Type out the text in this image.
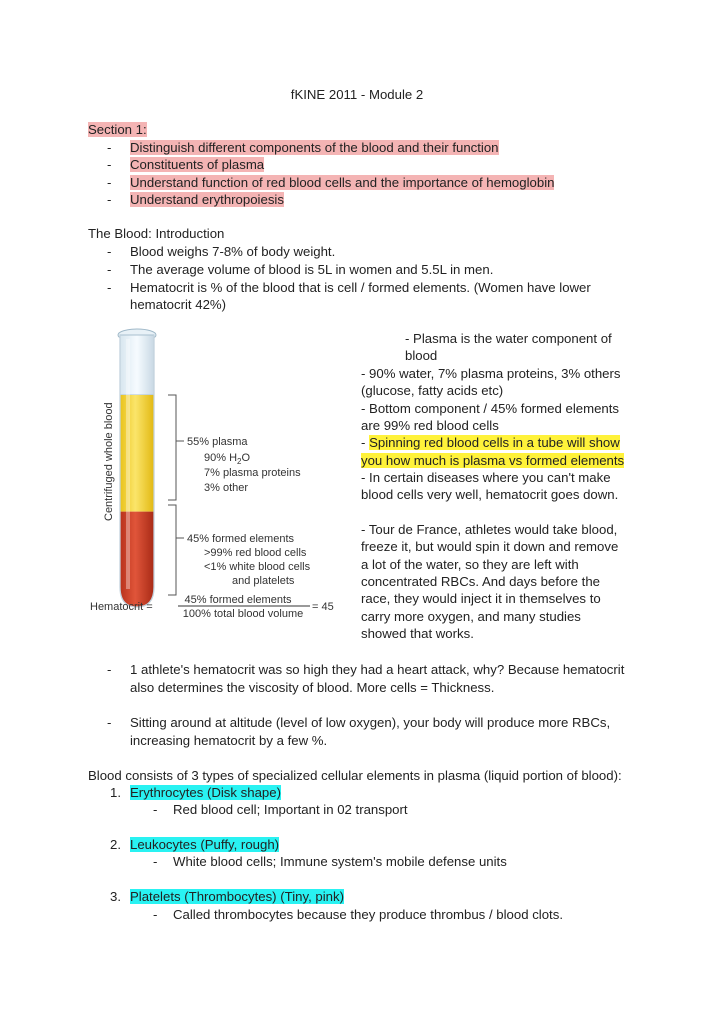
fKINE 2011 - Module 2
Section 1:
-	Distinguish different components of the blood and their function
-	Constituents of plasma
-	Understand function of red blood cells and the importance of hemoglobin
-	Understand erythropoiesis
The Blood: Introduction
-	Blood weighs 7-8% of body weight.
-	The average volume of blood is 5L in women and 5.5L in men.
-	Hematocrit is % of the blood that is cell / formed elements. (Women have lower
hematocrit 42%)
Centrifuged whole blood	55% plasma
90% $H_2O$
7% plasma proteins
3% other
45% formed elements
>99% red blood cells
<1% white blood cells
and platelets
Hematocrit =
45% formed elements
100% total blood volume
= 45
- Plasma is the water component of
blood
- 90% water, 7% plasma proteins, 3% others
(glucose, fatty acids etc)
- Bottom component / 45% formed elements
are 99% red blood cells
- Spinning red blood cells in a tube will show
you how much is plasma vs formed elements
- In certain diseases where you can't make
blood cells very well, hematocrit goes down.
- Tour de France, athletes would take blood,
freeze it, but would spin it down and remove
a lot of the water, so they are left with
concentrated RBCs. And days before the
race, they would inject it in themselves to
carry more oxygen, and many studies
showed that works.
-	1 athlete's hematocrit was so high they had a heart attack, why? Because hematocrit
also determines the viscosity of blood. More cells = Thickness.
-	Sitting around at altitude (level of low oxygen), your body will produce more RBCs,
increasing hematocrit by a few %.
Blood consists of 3 types of specialized cellular elements in plasma (liquid portion of blood):
1. Erythrocytes (Disk shape)
-	Red blood cell; Important in 02 transport
2. Leukocytes (Puffy, rough)
-	White blood cells; Immune system's mobile defense units
3. Platelets (Thrombocytes) (Tiny, pink)
-	Called thrombocytes because they produce thrombus / blood clots.
